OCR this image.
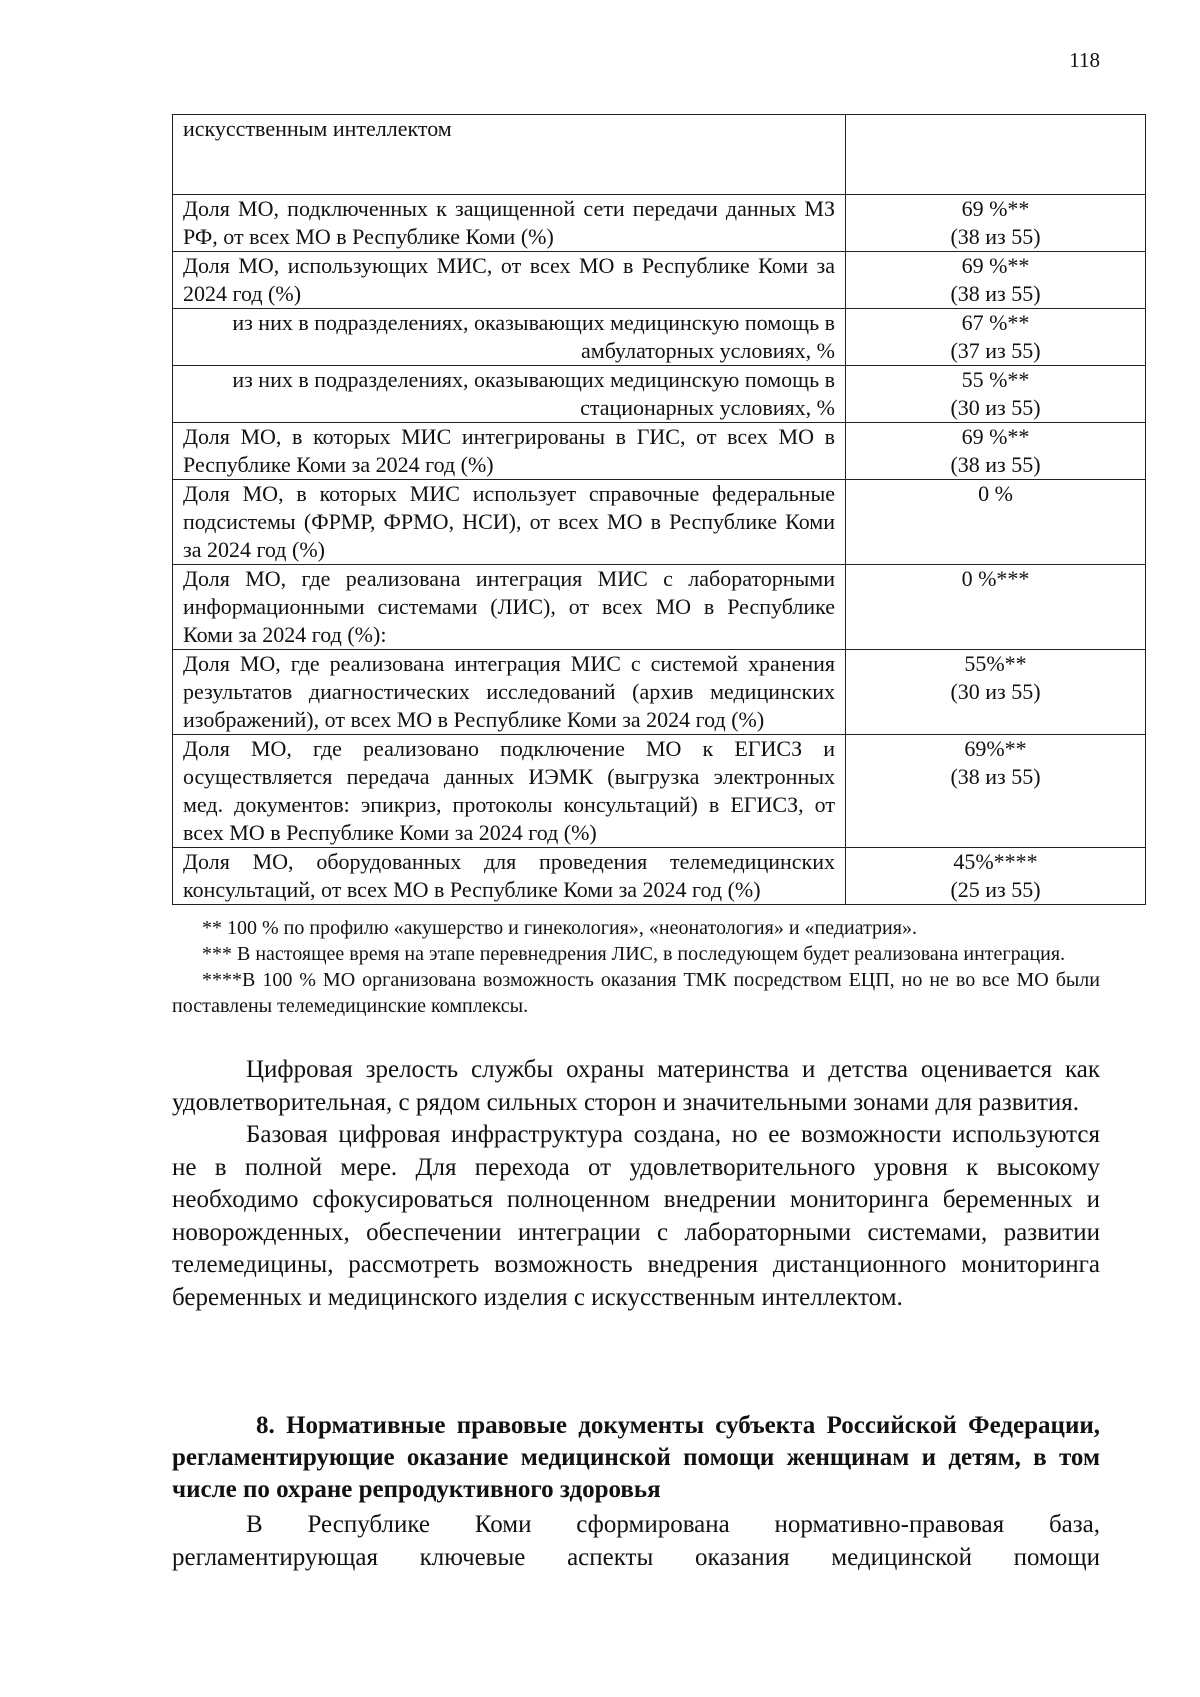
118
искусственным интеллектом	
Доля МО, подключенных к защищенной сети передачи данных МЗ РФ, от всех МО в Республике Коми (%)	69 %**
(38 из 55)

Доля МО, использующих МИС, от всех МО в Республике Коми за 2024 год (%)	69 %**
(38 из 55)

из них в подразделениях, оказывающих медицинскую помощь в амбулаторных условиях, %	67 %**
(37 из 55)

из них в подразделениях, оказывающих медицинскую помощь в стационарных условиях, %	55 %**
(30 из 55)

Доля МО, в которых МИС интегрированы в ГИС, от всех МО в Республике Коми за 2024 год (%)	69 %**
(38 из 55)

Доля МО, в которых МИС использует справочные федеральные подсистемы (ФРМР, ФРМО, НСИ), от всех МО в Республике Коми за 2024 год (%)	0 %

Доля МО, где реализована интеграция МИС с лабораторными информационными системами (ЛИС), от всех МО в Республике Коми за 2024 год (%):	0 %***

Доля МО, где реализована интеграция МИС с системой хранения результатов диагностических исследований (архив медицинских изображений), от всех МО в Республике Коми за 2024 год (%)	55%**
(30 из 55)

Доля МО, где реализовано подключение МО к ЕГИСЗ и осуществляется передача данных ИЭМК (выгрузка электронных мед. документов: эпикриз, протоколы консультаций) в ЕГИСЗ, от всех МО в Республике Коми за 2024 год (%)	69%**
(38 из 55)

Доля МО, оборудованных для проведения телемедицинских консультаций, от всех МО в Республике Коми за 2024 год (%)	45%****
(25 из 55)

** 100 % по профилю «акушерство и гинекология», «неонатология» и «педиатрия».

*** В настоящее время на этапе перевнедрения ЛИС, в последующем будет реализована интеграция.

****В 100 % МО организована возможность оказания ТМК посредством ЕЦП, но не во все МО были поставлены телемедицинские комплексы.

Цифровая зрелость службы охраны материнства и детства оценивается как удовлетворительная, с рядом сильных сторон и значительными зонами для развития.

Базовая цифровая инфраструктура создана, но ее возможности используются не в полной мере. Для перехода от удовлетворительного уровня к высокому необходимо сфокусироваться полноценном внедрении мониторинга беременных и новорожденных, обеспечении интеграции с лабораторными системами, развитии телемедицины, рассмотреть возможность внедрения дистанционного мониторинга беременных и медицинского изделия с искусственным интеллектом.

8. Нормативные правовые документы субъекта Российской Федерации, регламентирующие оказание медицинской помощи женщинам и детям, в том числе по охране репродуктивного здоровья

В Республике Коми сформирована нормативно-правовая база, регламентирующая ключевые аспекты оказания медицинской помощи
